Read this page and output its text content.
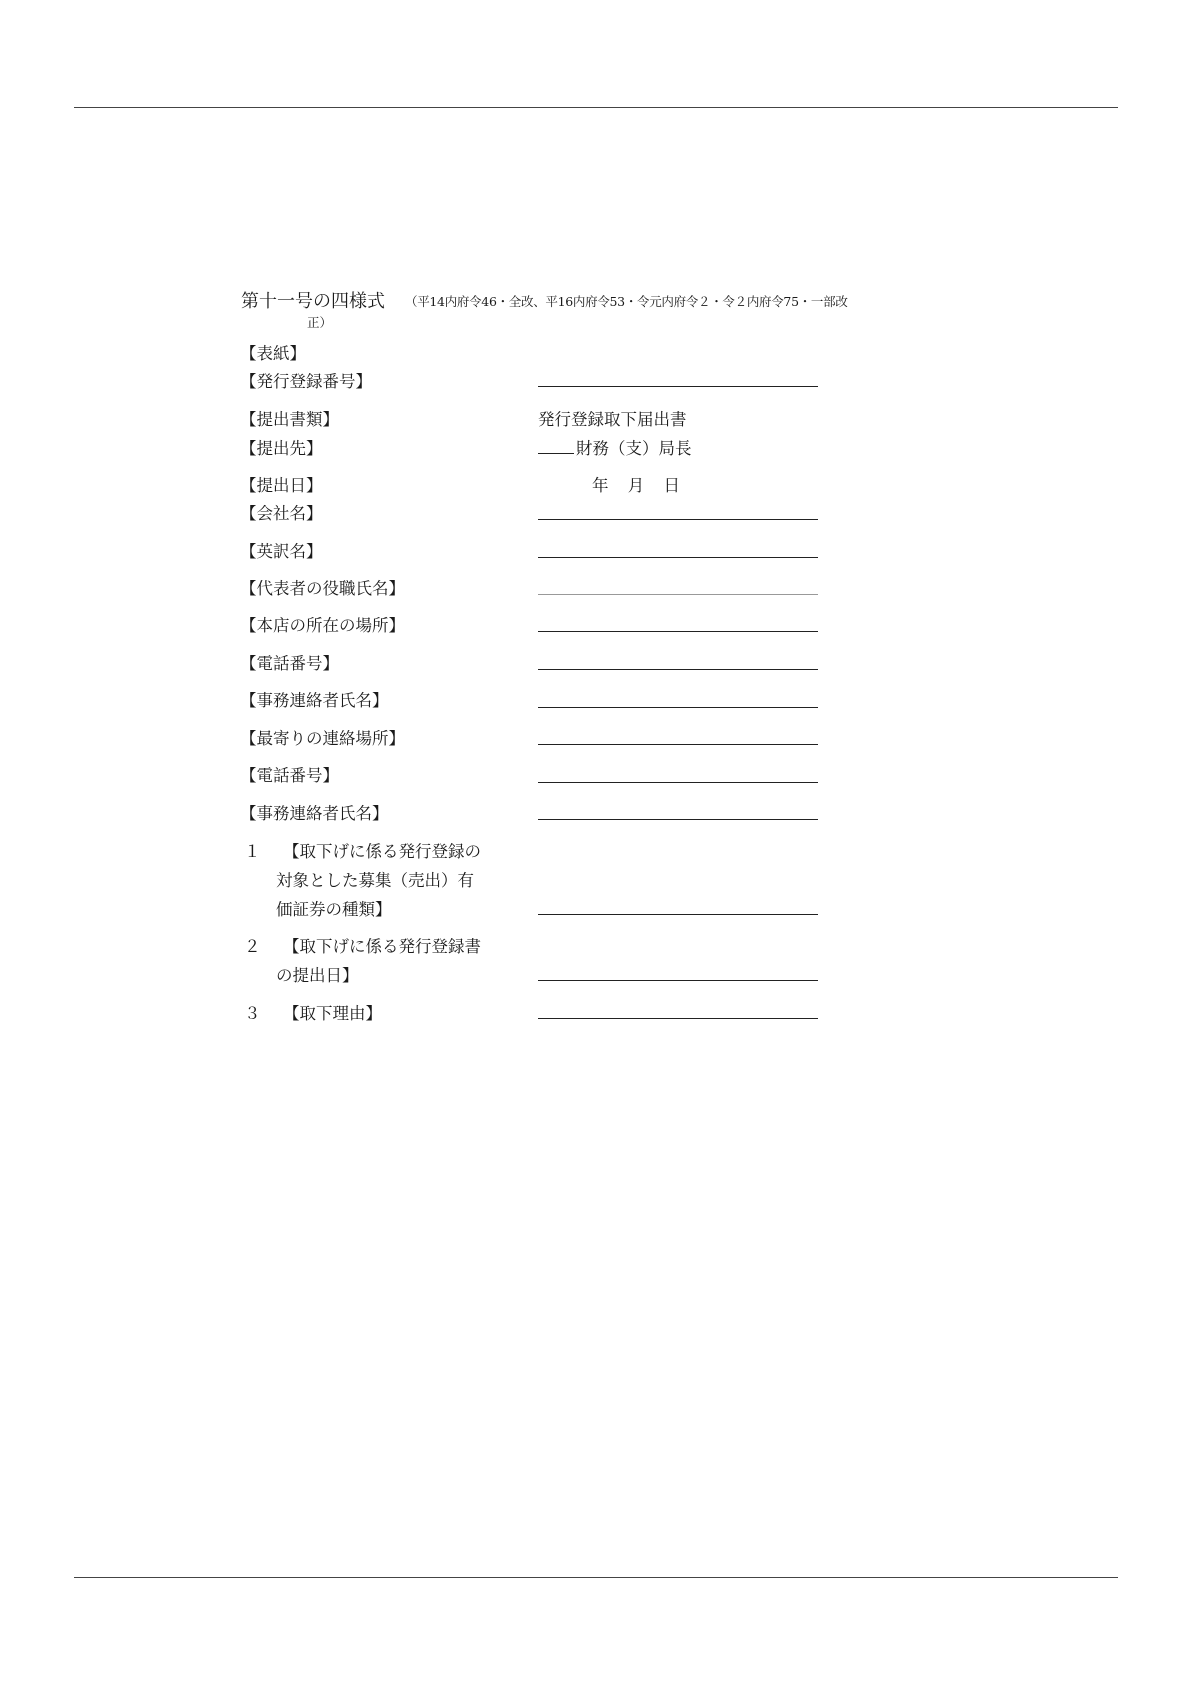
第十一号の四様式 （平14内府令46・全改、平16内府令53・令元内府令２・令２内府令75・一部改
正）
【表紙】
【発行登録番号】
【提出書類】	発行登録取下届出書
【提出先】	財務（支）局長
【提出日】	年 月 日
【会社名】
【英訳名】
【代表者の役職氏名】
【本店の所在の場所】
【電話番号】
【事務連絡者氏名】
【最寄りの連絡場所】
【電話番号】
【事務連絡者氏名】
１ 【取下げに係る発行登録の
対象とした募集（売出）有
価証券の種類】
２ 【取下げに係る発行登録書
の提出日】
３ 【取下理由】
